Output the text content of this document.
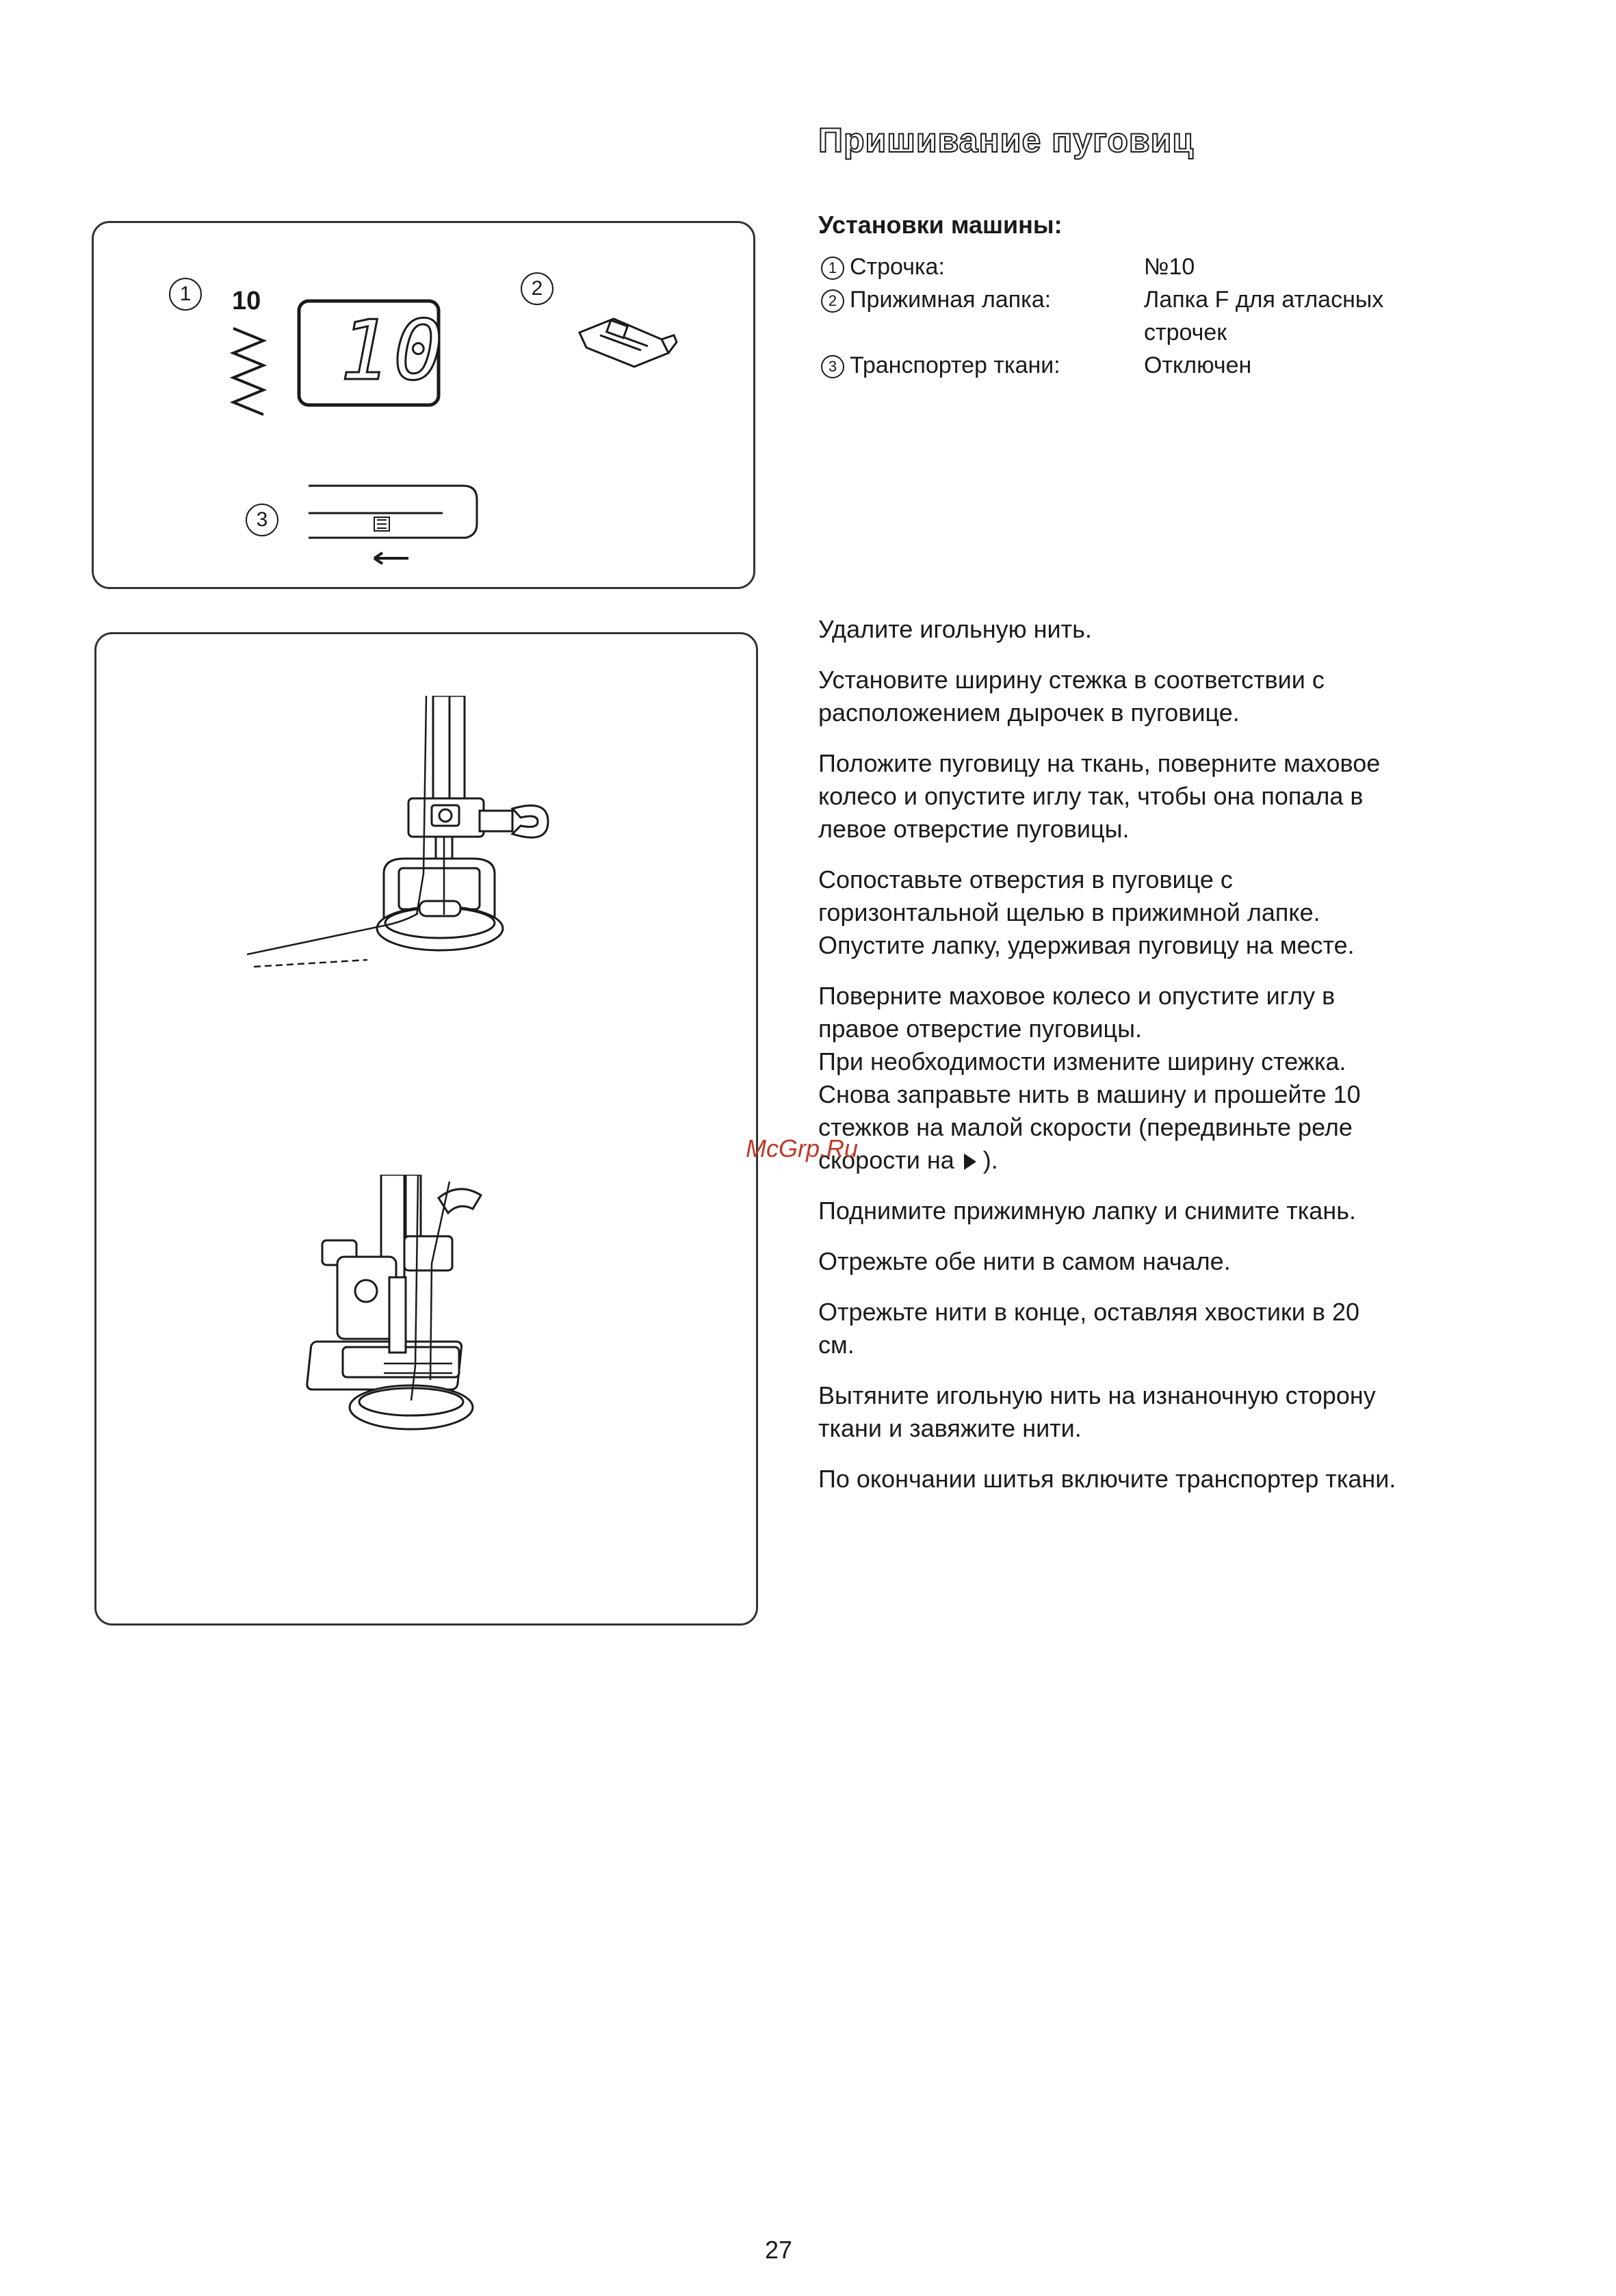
Пришивание пуговиц
Установки машины:
1 Строчка:	№10
2 Прижимная лапка:	Лапка F для атласных
строчек
3 Транспортер ткани:	Отключен
1	10
10
2
3

Удалите игольную нить.

Установите ширину стежка в соответствии с
расположением дырочек в пуговице.

Положите пуговицу на ткань, поверните маховое
колесо и опустите иглу так, чтобы она попала в
левое отверстие пуговицы.

Сопоставьте отверстия в пуговице с
горизонтальной щелью в прижимной лапке.
Опустите лапку, удерживая пуговицу на месте.

Поверните маховое колесо и опустите иглу в
правое отверстие пуговицы.
При необходимости измените ширину стежка.
Снова заправьте нить в машину и прошейте 10
стежков на малой скорости (передвиньте реле
скорости на ).

Поднимите прижимную лапку и снимите ткань.

Отрежьте обе нити в самом начале.

Отрежьте нити в конце, оставляя хвостики в 20
см.

Вытяните игольную нить на изнаночную сторону
ткани и завяжите нити.

По окончании шитья включите транспортер ткани.

McGrp.Ru
27
